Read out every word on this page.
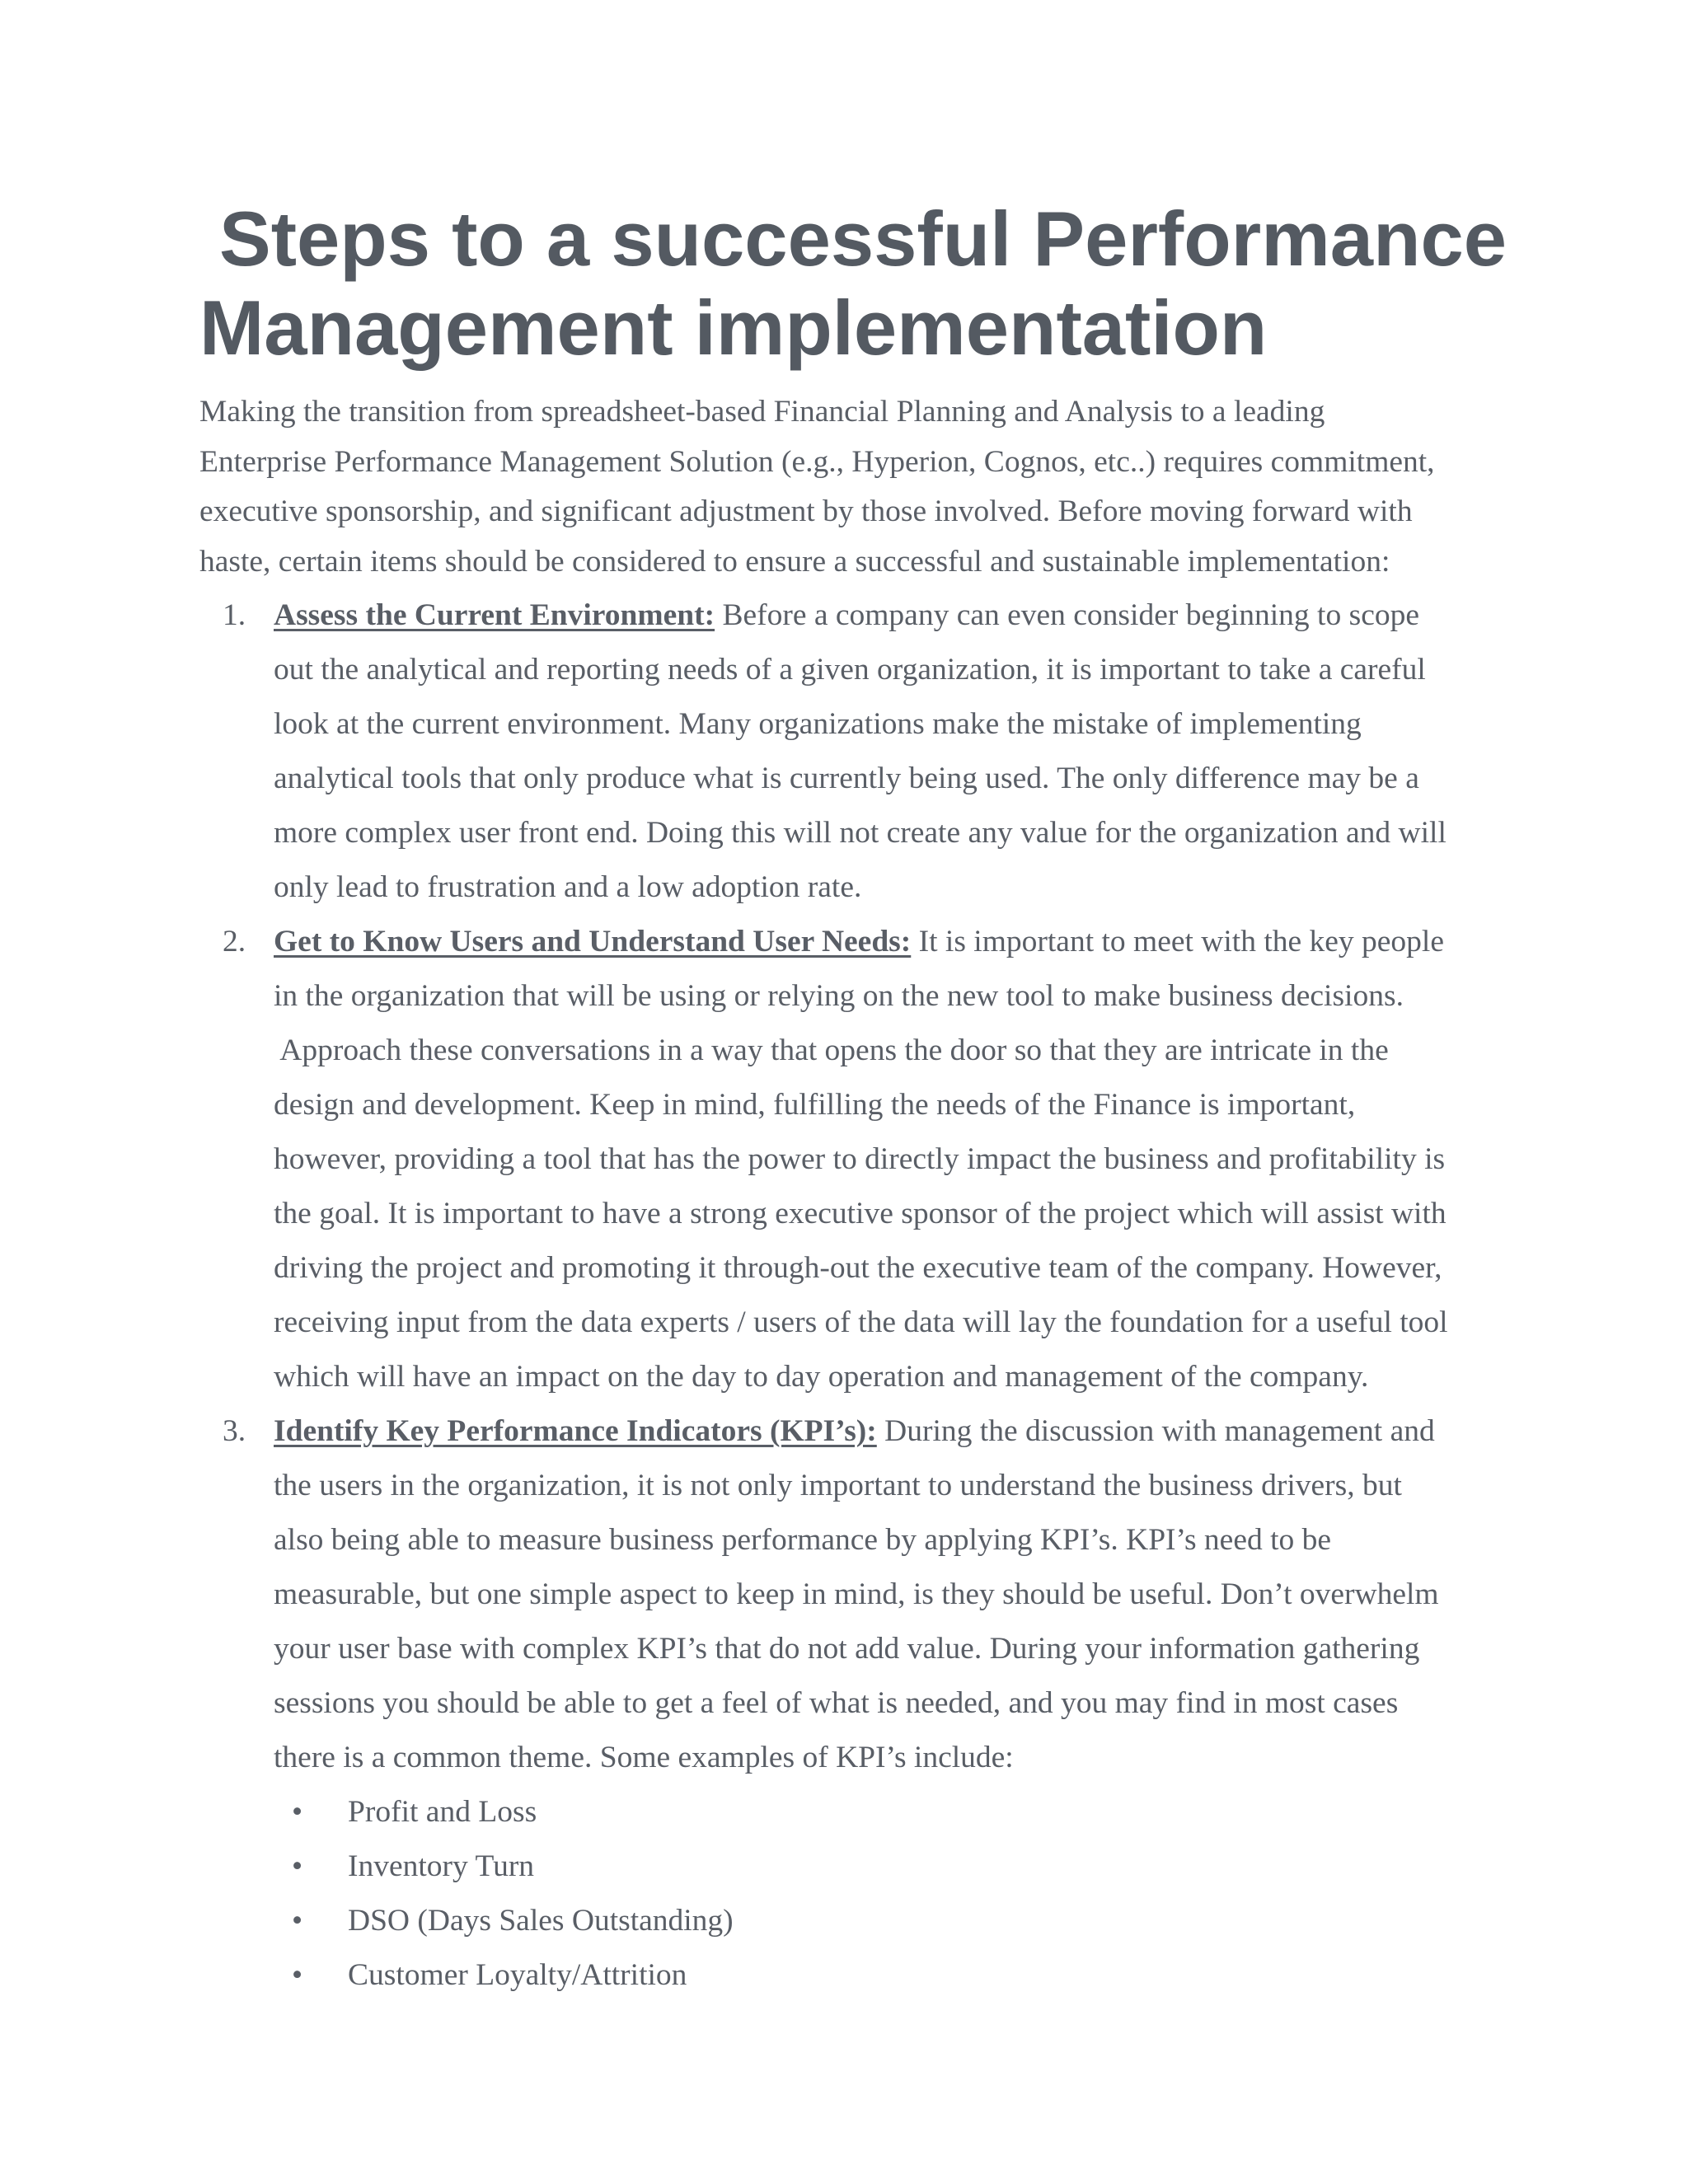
Steps to a successful Performance
Management implementation

Making the transition from spreadsheet-based Financial Planning and Analysis to a leading
Enterprise Performance Management Solution (e.g., Hyperion, Cognos, etc..) requires commitment,
executive sponsorship, and significant adjustment by those involved. Before moving forward with
haste, certain items should be considered to ensure a successful and sustainable implementation:

1. Assess the Current Environment: Before a company can even consider beginning to scope
out the analytical and reporting needs of a given organization, it is important to take a careful
look at the current environment. Many organizations make the mistake of implementing
analytical tools that only produce what is currently being used. The only difference may be a
more complex user front end. Doing this will not create any value for the organization and will
only lead to frustration and a low adoption rate.
2. Get to Know Users and Understand User Needs: It is important to meet with the key people
in the organization that will be using or relying on the new tool to make business decisions.
Approach these conversations in a way that opens the door so that they are intricate in the
design and development. Keep in mind, fulfilling the needs of the Finance is important,
however, providing a tool that has the power to directly impact the business and profitability is
the goal. It is important to have a strong executive sponsor of the project which will assist with
driving the project and promoting it through-out the executive team of the company. However,
receiving input from the data experts / users of the data will lay the foundation for a useful tool
which will have an impact on the day to day operation and management of the company.
3. Identify Key Performance Indicators (KPI’s): During the discussion with management and
the users in the organization, it is not only important to understand the business drivers, but
also being able to measure business performance by applying KPI’s. KPI’s need to be
measurable, but one simple aspect to keep in mind, is they should be useful. Don’t overwhelm
your user base with complex KPI’s that do not add value. During your information gathering
sessions you should be able to get a feel of what is needed, and you may find in most cases
there is a common theme. Some examples of KPI’s include:
• Profit and Loss
• Inventory Turn
• DSO (Days Sales Outstanding)
• Customer Loyalty/Attrition
